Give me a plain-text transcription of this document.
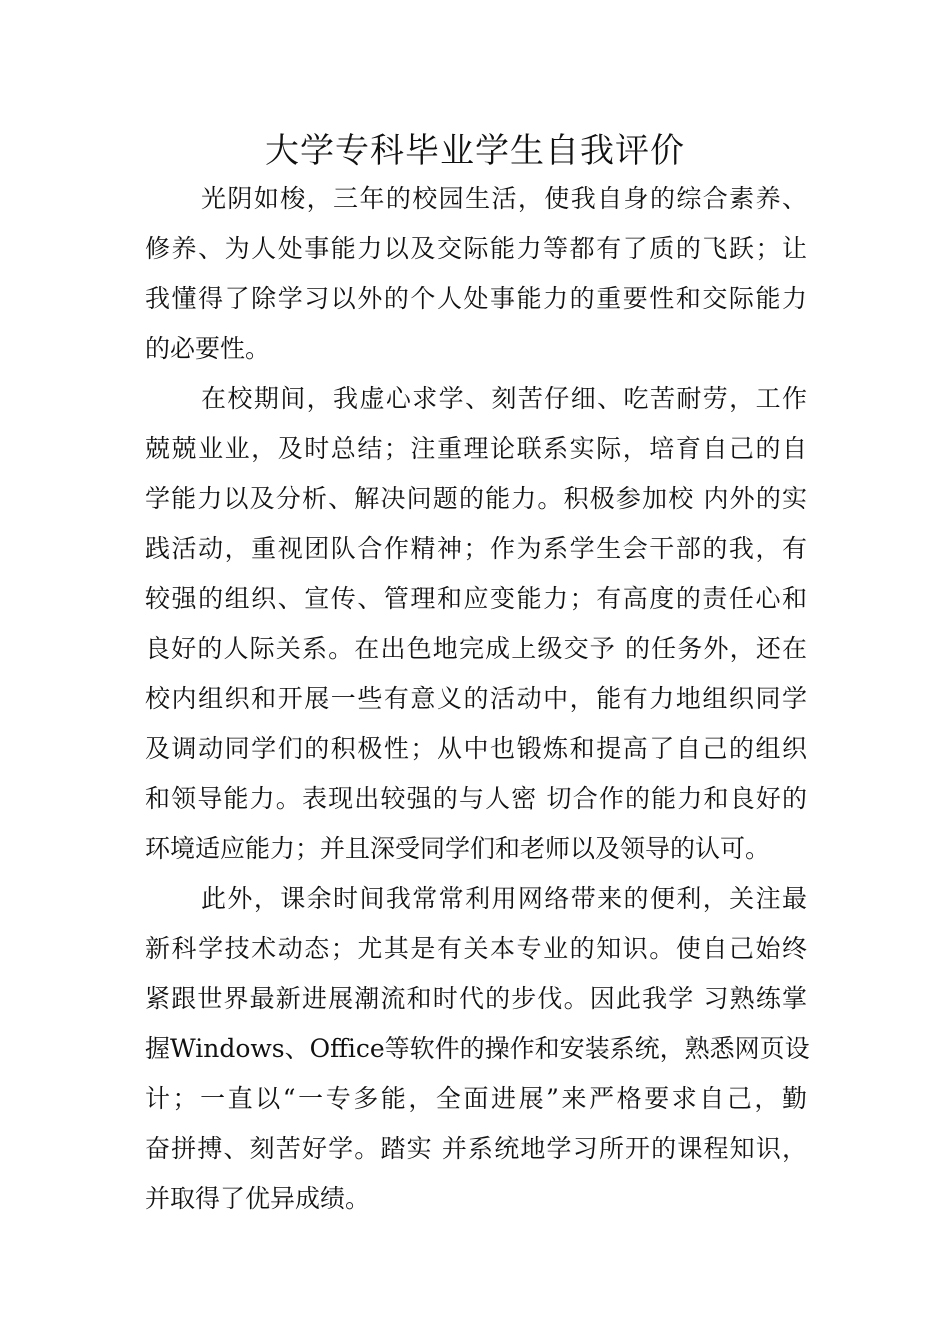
大学专科毕业学生自我评价
光阴如梭，三年的校园生活，使我自身的综合素养、
修养、为人处事能力以及交际能力等都有了质的飞跃；让
我懂得了除学习以外的个人处事能力的重要性和交际能力
的必要性。
在校期间，我虚心求学、刻苦仔细、吃苦耐劳，工作
兢兢业业，及时总结；注重理论联系实际，培育自己的自
学能力以及分析、解决问题的能力。积极参加校 内外的实
践活动，重视团队合作精神；作为系学生会干部的我，有
较强的组织、宣传、管理和应变能力；有高度的责任心和
良好的人际关系。在出色地完成上级交予 的任务外，还在
校内组织和开展一些有意义的活动中，能有力地组织同学
及调动同学们的积极性；从中也锻炼和提高了自己的组织
和领导能力。表现出较强的与人密 切合作的能力和良好的
环境适应能力；并且深受同学们和老师以及领导的认可。
此外，课余时间我常常利用网络带来的便利，关注最
新科学技术动态；尤其是有关本专业的知识。使自己始终
紧跟世界最新进展潮流和时代的步伐。因此我学 习熟练掌
握Windows、Office等软件的操作和安装系统，熟悉网页设
计；一直以“一专多能，全面进展”来严格要求自己，勤
奋拼搏、刻苦好学。踏实 并系统地学习所开的课程知识，
并取得了优异成绩。
